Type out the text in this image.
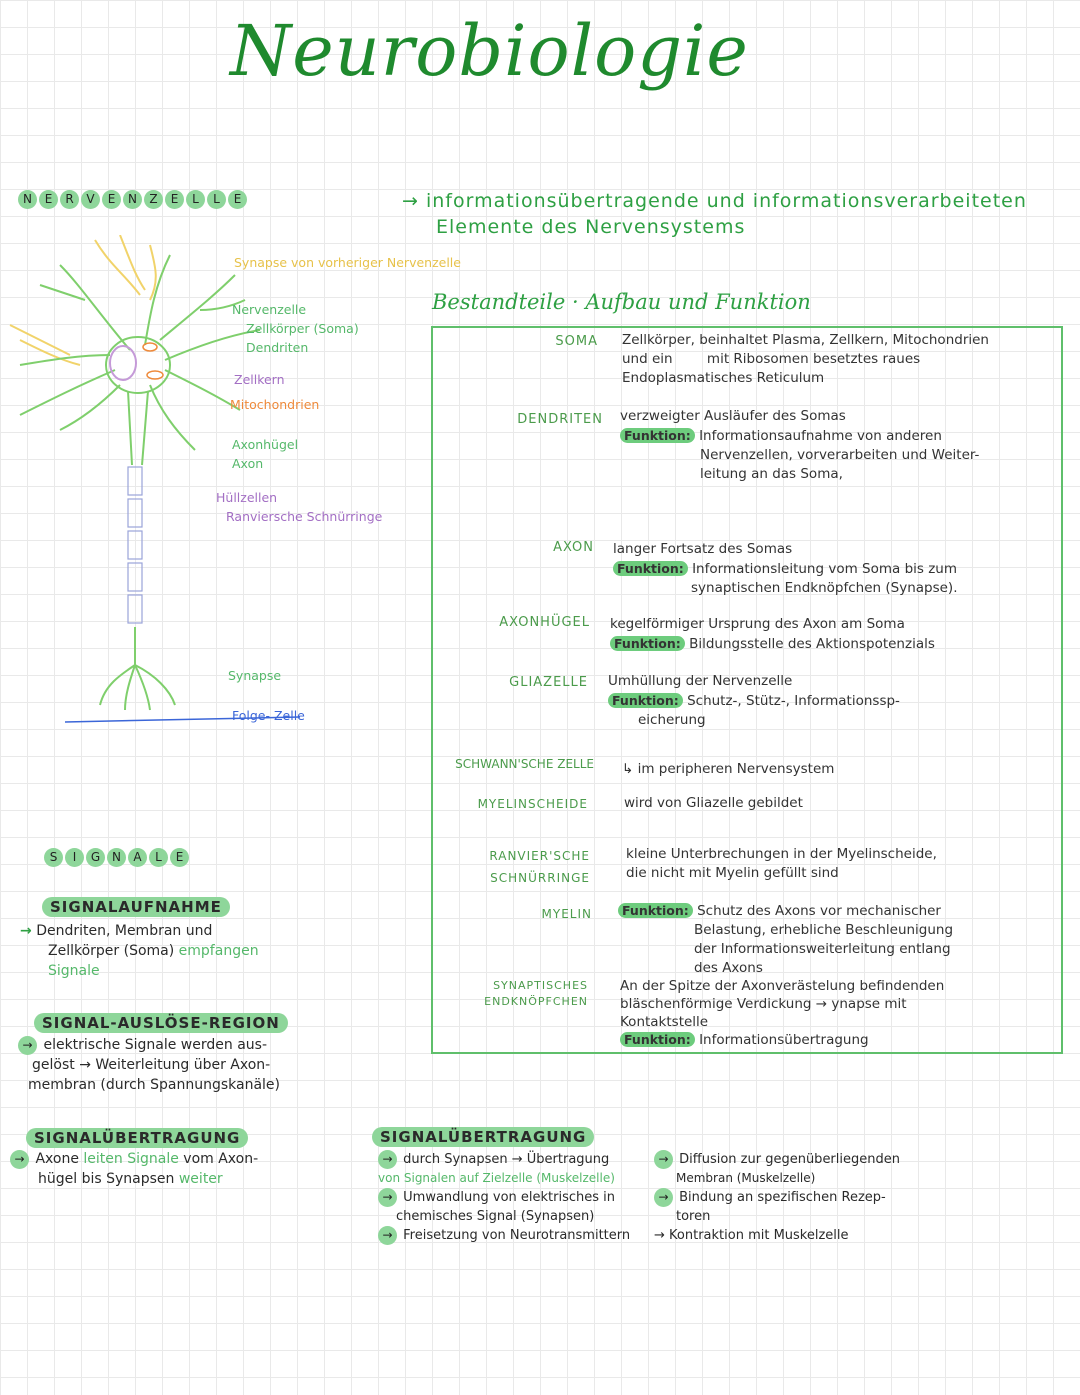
Neurobiologie
N E R V E N Z E L L E	→ informationsübertragende und informationsverarbeiteten
Elemente des Nervensystems
Synapse von vorheriger Nervenzelle
Nervenzelle
Zellkörper (Soma)
Dendriten
Zellkern
Mitochondrien
Axonhügel
Axon
Hüllzellen
Ranviersche Schnürringe
Synapse
Folge- Zelle
Bestandteile · Aufbau und Funktion
SOMA Zellkörper, beinhaltet Plasma, Zellkern, Mitochondrien
und ein        mit Ribosomen besetztes raues
Endoplasmatisches Reticulum
DENDRITEN verzweigter Ausläufer des Somas
Funktion: Informationsaufnahme von anderen
Nervenzellen, vorverarbeiten und Weiter-
leitung an das Soma,
AXON langer Fortsatz des Somas
Funktion: Informationsleitung vom Soma bis zum
synaptischen Endknöpfchen (Synapse).
AXONHÜGEL kegelförmiger Ursprung des Axon am Soma
Funktion: Bildungsstelle des Aktionspotenzials
GLIAZELLE Umhüllung der Nervenzelle
Funktion: Schutz-, Stütz-, Informationssp-
eicherung
SCHWANN'SCHE ZELLE ↳ im peripheren Nervensystem
MYELINSCHEIDE	wird von Gliazelle gebildet
RANVIER'SCHE SCHNÜRRINGE
kleine Unterbrechungen in der Myelinscheide,
die nicht mit Myelin gefüllt sind
MYELIN	Funktion: Schutz des Axons vor mechanischer
Belastung, erhebliche Beschleunigung
der Informationsweiterleitung entlang
des Axons
SYNAPTISCHES ENDKNÖPFCHEN
An der Spitze der Axonverästelung befindenden
bläschenförmige Verdickung → ynapse mit
Kontaktstelle
Funktion: Informationsübertragung
S I G N A L E
SIGNALAUFNAHME
→ Dendriten, Membran und
Zellkörper (Soma) empfangen
Signale
SIGNAL-AUSLÖSE-REGION
→ elektrische Signale werden aus-
gelöst → Weiterleitung über Axon-
membran (durch Spannungskanäle)
SIGNALÜBERTRAGUNG
→ Axone leiten Signale vom Axon-
hügel bis Synapsen weiter
SIGNALÜBERTRAGUNG
→ durch Synapsen → Übertragung
von Signalen auf Zielzelle (Muskelzelle)
→ Umwandlung von elektrisches in
chemisches Signal (Synapsen)
→ Freisetzung von Neurotransmittern
→ Diffusion zur gegenüberliegenden
Membran (Muskelzelle)
→ Bindung an spezifischen Rezep-
toren
→ Kontraktion mit Muskelzelle
